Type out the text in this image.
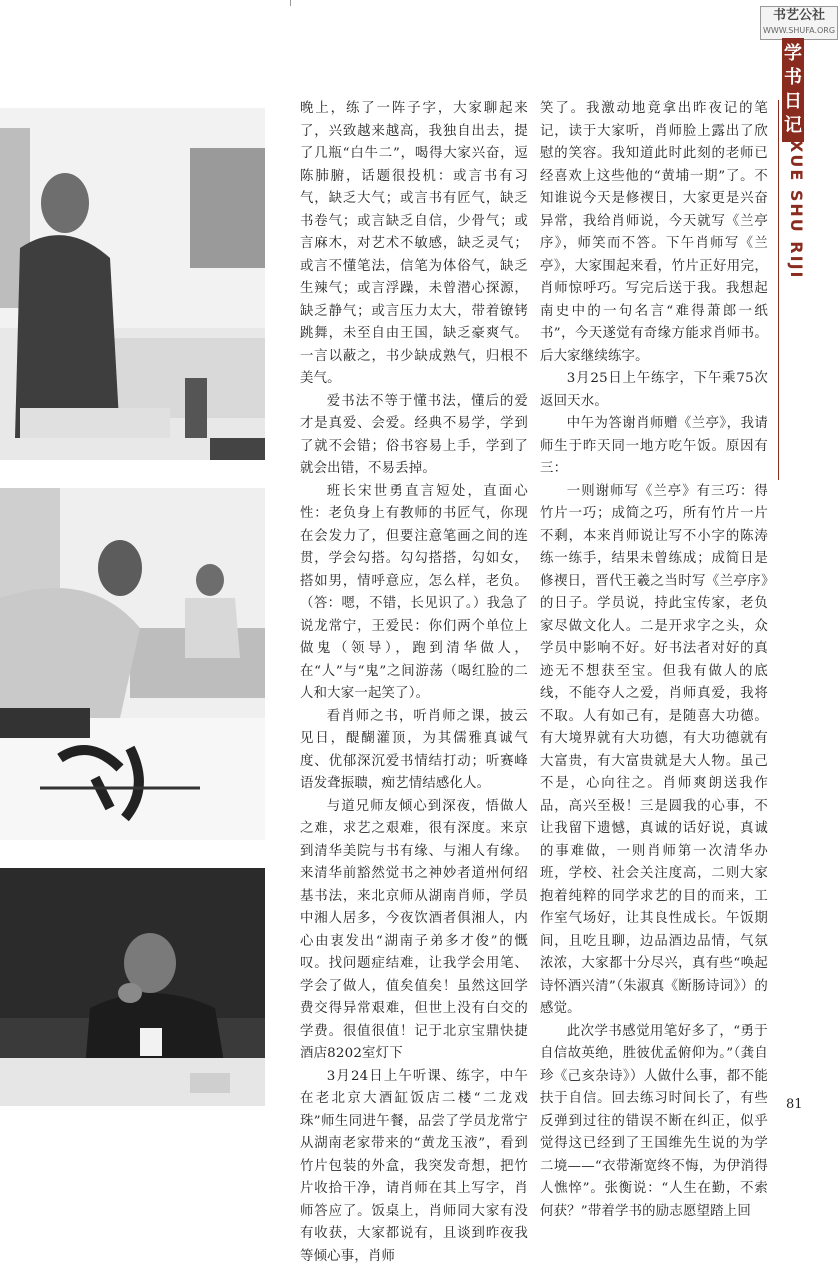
书艺公社
WWW.SHUFA.ORG
学
书
日
记
XUE SHU RIJI

晚上，练了一阵子字，大家聊起来了，兴致越来越高，我独自出去，提了几瓶“白牛二”，喝得大家兴奋，逗陈肺腑，话题很投机：或言书有习气，缺乏大气；或言书有匠气，缺乏书卷气；或言缺乏自信，少骨气；或言麻木，对艺术不敏感，缺乏灵气；或言不懂笔法，信笔为体俗气，缺乏生辣气；或言浮躁，未曾潜心探源，缺乏静气；或言压力太大，带着镣铐跳舞，未至自由王国，缺乏豪爽气。一言以蔽之，书少缺成熟气，归根不美气。

爱书法不等于懂书法，懂后的爱才是真爱、会爱。经典不易学，学到了就不会错；俗书容易上手，学到了就会出错，不易丢掉。

班长宋世勇直言短处，直面心性：老负身上有教师的书匠气，你现在会发力了，但要注意笔画之间的连贯，学会勾搭。勾勾搭搭，勾如女，搭如男，情呼意应，怎么样，老负。（答：嗯，不错，长见识了。）我急了说龙常宁，王爱民：你们两个单位上做鬼（领导），跑到清华做人，在“人”与“鬼”之间游荡（喝红脸的二人和大家一起笑了）。

看肖师之书，听肖师之课，披云见日，醍醐灌顶，为其儒雅真诚气度、优郁深沉爱书情结打动；听赛峰语发聋振聩，痴艺情结感化人。

与道兄师友倾心到深夜，悟做人之难，求艺之艰难，很有深度。来京到清华美院与书有缘、与湘人有缘。来清华前豁然觉书之神妙者道州何绍基书法，来北京师从湖南肖师，学员中湘人居多，今夜饮酒者俱湘人，内心由衷发出“湖南子弟多才俊”的慨叹。找问题症结难，让我学会用笔、学会了做人，值矣值矣！虽然这回学费交得异常艰难，但世上没有白交的学费。很值很值！记于北京宝鼎快捷酒店8202室灯下

3月24日上午听课、练字，中午在老北京大酒缸饭店二楼“二龙戏珠”师生同进午餐，品尝了学员龙常宁从湖南老家带来的“黄龙玉液”，看到竹片包装的外盒，我突发奇想，把竹片收拾干净，请肖师在其上写字，肖师答应了。饭桌上，肖师同大家有没有收获，大家都说有，且谈到昨夜我等倾心事，肖师

笑了。我激动地竟拿出昨夜记的笔记，读于大家听，肖师脸上露出了欣慰的笑容。我知道此时此刻的老师已经喜欢上这些他的“黄埔一期”了。不知谁说今天是修禊日，大家更是兴奋异常，我给肖师说，今天就写《兰亭序》，师笑而不答。下午肖师写《兰亭》，大家围起来看，竹片正好用完，肖师惊呼巧。写完后送于我。我想起南史中的一句名言“难得萧郎一纸书”，今天遂觉有奇缘方能求肖师书。后大家继续练字。

3月25日上午练字，下午乘75次返回天水。

中午为答谢肖师赠《兰亭》，我请师生于昨天同一地方吃午饭。原因有三：

一则谢师写《兰亭》有三巧：得竹片一巧；成简之巧，所有竹片一片不剩，本来肖师说让写不小字的陈涛练一练手，结果未曾练成；成简日是修禊日，晋代王羲之当时写《兰亭序》的日子。学员说，持此宝传家，老负家尽做文化人。二是开求字之头，众学员中影响不好。好书法者对好的真迹无不想获至宝。但我有做人的底线，不能夺人之爱，肖师真爱，我将不取。人有如己有，是随喜大功德。有大境界就有大功德，有大功德就有大富贵，有大富贵就是大人物。虽己不是，心向往之。肖师爽朗送我作品，高兴至极！三是圆我的心事，不让我留下遗憾，真诚的话好说，真诚的事难做，一则肖师第一次清华办班，学校、社会关注度高，二则大家抱着纯粹的同学求艺的目的而来，工作室气场好，让其良性成长。午饭期间，且吃且聊，边品酒边品情，气氛浓浓，大家都十分尽兴，真有些“唤起诗怀酒兴清”（朱淑真《断肠诗词》）的感觉。

此次学书感觉用笔好多了，“勇于自信故英绝，胜彼优孟俯仰为。”（龚自珍《己亥杂诗》）人做什么事，都不能扶于自信。回去练习时间长了，有些反弹到过往的错误不断在纠正，似乎觉得这已经到了王国维先生说的为学二境——“衣带渐宽终不悔，为伊消得人憔悴”。张衡说：“人生在勤，不索何获？”带着学书的励志愿望踏上回

81
